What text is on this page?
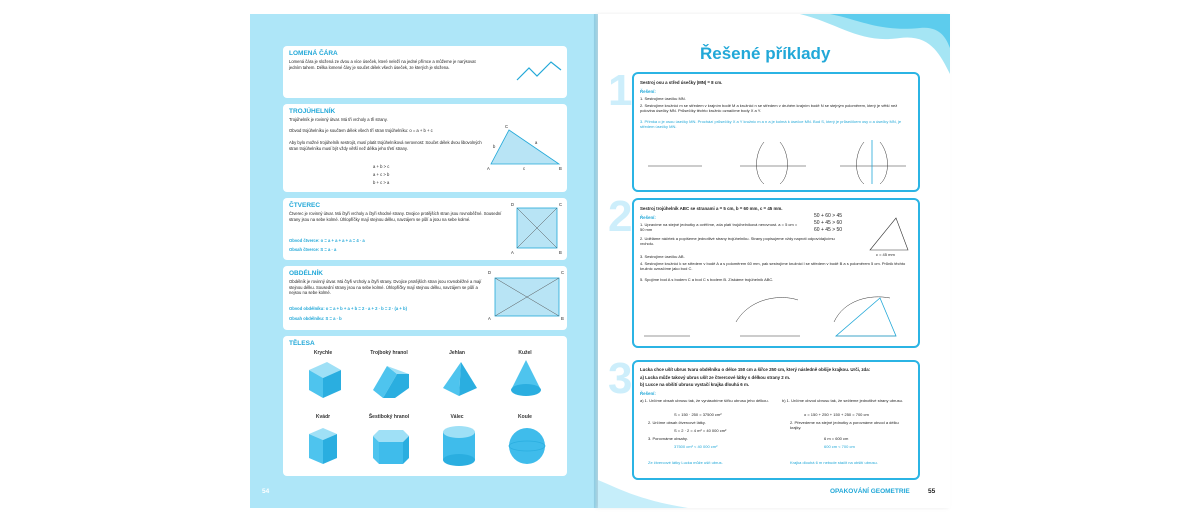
LOMENÁ ČÁRA
Lomená čára je složená ze dvou a více úseček, které neleží na jedné přímce a můžeme je narýsovat jedním tahem. Délka lomené čáry je součet délek všech úseček, ze kterých je složena.
TROJÚHELNÍK
Trojúhelník je rovinný útvar. Má tři vrcholy a tři strany.
Obvod trojúhelníku je součtem délek všech tří stran trojúhelníku: o = a + b + c
Aby bylo možné trojúhelník sestrojit, musí platit trojúhelníková nerovnost: Součet délek dvou libovolných stran trojúhelníku musí být vždy větší než délka jeho třetí strany.
a + b > c
a + c > b
b + c > a
A	B
C
c
a
b
ČTVEREC
Čtverec je rovinný útvar. Má čtyři vrcholy a čtyři shodné strany. Dvojice protějších stran jsou rovnoběžné. Sousední strany jsou na sebe kolmé. Úhlopříčky mají stejnou délku, navzájem se půlí a jsou na sebe kolmé.
Obvod čtverce: o = a + a + a + a = 4 · a
Obsah čtverce: S = a · a
D	C
A	B
OBDÉLNÍK
Obdélník je rovinný útvar. Má čtyři vrcholy a čtyři strany. Dvojice protějších stran jsou rovnoběžné a mají stejnou délku. Sousední strany jsou na sebe kolmé. Úhlopříčky mají stejnou délku, navzájem se půlí a nejsou na sebe kolmé.
Obvod obdélníku: o = a + b + a + b = 2 · a + 2 · b = 2 · (a + b)
Obsah obdélníku: S = a · b
D	C
A	B
TĚLESA
Krychle	Trojboký hranol	Jehlan	Kužel
Kvádr	Šestiboký hranol	Válec	Koule
54
Řešené příklady
1 Sestroj osu a střed úsečky |MN| = 8 cm.
Řešení:
1. Sestrojíme úsečku MN.
2. Sestrojíme kružnici m se středem v krajním bodě M a kružnici n se středem v druhém krajním bodě N se stejným poloměrem, který je větší než polovina úsečky MN. Průsečíky těchto kružnic označíme body X a Y.
3. Přímka o je osou úsečky MN. Prochází průsečíky X a Y kružnic m a n a je kolmá k úsečce MN. Bod S, který je průsečíkem osy o a úsečky MN, je středem úsečky MN.
2 Sestroj trojúhelník ABC se stranami a = 5 cm, b = 60 mm, c = 45 mm.
Řešení:
1. Upravíme na stejné jednotky a ověříme, zda platí trojúhelníková nerovnost. a = 5 cm = 50 mm
2. Uděláme náčrtek a popíšeme jednotlivé strany trojúhelníku. Strany popisujeme vždy naproti odpovídajícímu vrcholu.
3. Sestrojíme úsečku AB.
4. Sestrojíme kružnici k se středem v bodě A a s poloměrem 60 mm, pak sestrojíme kružnici l se středem v bodě B a s poloměrem 5 cm. Průnik těchto kružnic označíme jako bod C.
5. Spojíme bod A s bodem C a bod C s bodem B. Získáme trojúhelník ABC.
50 + 60 > 45
50 + 45 > 60
60 + 45 > 50
c = 45 mm
3 Lucka chce ušít ubrus tvaru obdélníku o délce 150 cm a šířce 250 cm, který následně obšije krajkou. Urči, zda:
a) Lucka může takový ubrus ušít ze čtvercové látky s délkou strany 2 m.
b) Lucce na obšití ubrusu vystačí krajka dlouhá 6 m.
Řešení:
a) 1. Určíme obsah ubrusu tak, že vynásobíme šířku ubrusu jeho délkou.
S = 150 · 250 = 37500 cm²
2. Určíme obsah čtvercové látky.
S = 2 · 2 = 4 m² = 40 000 cm²
3. Porovnáme obsahy.
37500 cm² < 40 000 cm²
Ze čtvercové látky Lucka může ušít ubrus.
b) 1. Určíme obvod ubrusu tak, že sečteme jednotlivé strany ubrusu.
o = 150 + 250 + 150 + 250 = 700 cm
2. Převedeme na stejné jednotky a porovnáme obvod a délku krajky.
6 m = 600 cm
600 cm < 700 cm
Krajka dlouhá 6 m nebude stačit na obšití ubrusu.
OPAKOVÁNÍ GEOMETRIE	55
